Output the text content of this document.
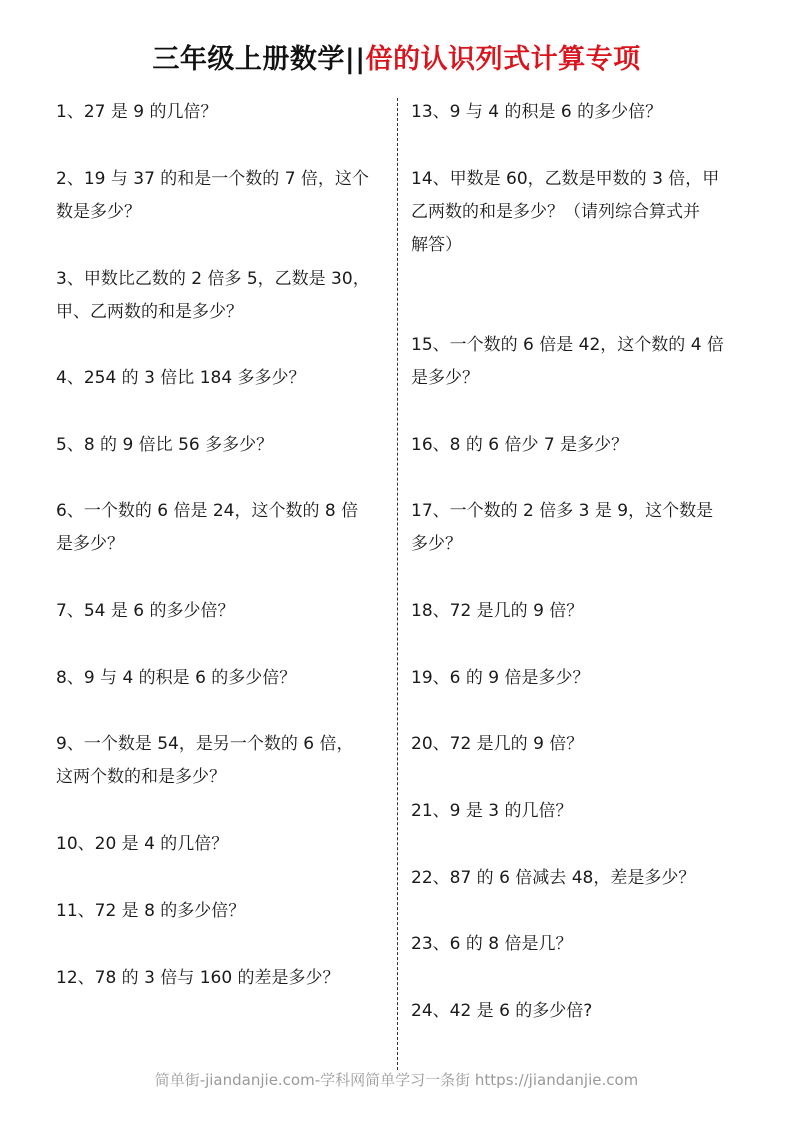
三年级上册数学||倍的认识列式计算专项
1、27 是 9 的几倍？
2、19 与 37 的和是一个数的 7 倍，这个
数是多少？
3、甲数比乙数的 2 倍多 5，乙数是 30，
甲、乙两数的和是多少？
4、254 的 3 倍比 184 多多少？
5、8 的 9 倍比 56 多多少？
6、一个数的 6 倍是 24，这个数的 8 倍
是多少？
7、54 是 6 的多少倍？
8、9 与 4 的积是 6 的多少倍？
9、一个数是 54，是另一个数的 6 倍，
这两个数的和是多少？
10、20 是 4 的几倍？
11、72 是 8 的多少倍？
12、78 的 3 倍与 160 的差是多少？
13、9 与 4 的积是 6 的多少倍？
14、甲数是 60，乙数是甲数的 3 倍，甲
乙两数的和是多少？（请列综合算式并
解答）
15、一个数的 6 倍是 42，这个数的 4 倍
是多少？
16、8 的 6 倍少 7 是多少？
17、一个数的 2 倍多 3 是 9，这个数是
多少？
18、72 是几的 9 倍？
19、6 的 9 倍是多少？
20、72 是几的 9 倍？
21、9 是 3 的几倍？
22、87 的 6 倍减去 48，差是多少？
23、6 的 8 倍是几？
24、42 是 6 的多少倍?
简单街-jiandanjie.com-学科网简单学习一条街 https://jiandanjie.com
